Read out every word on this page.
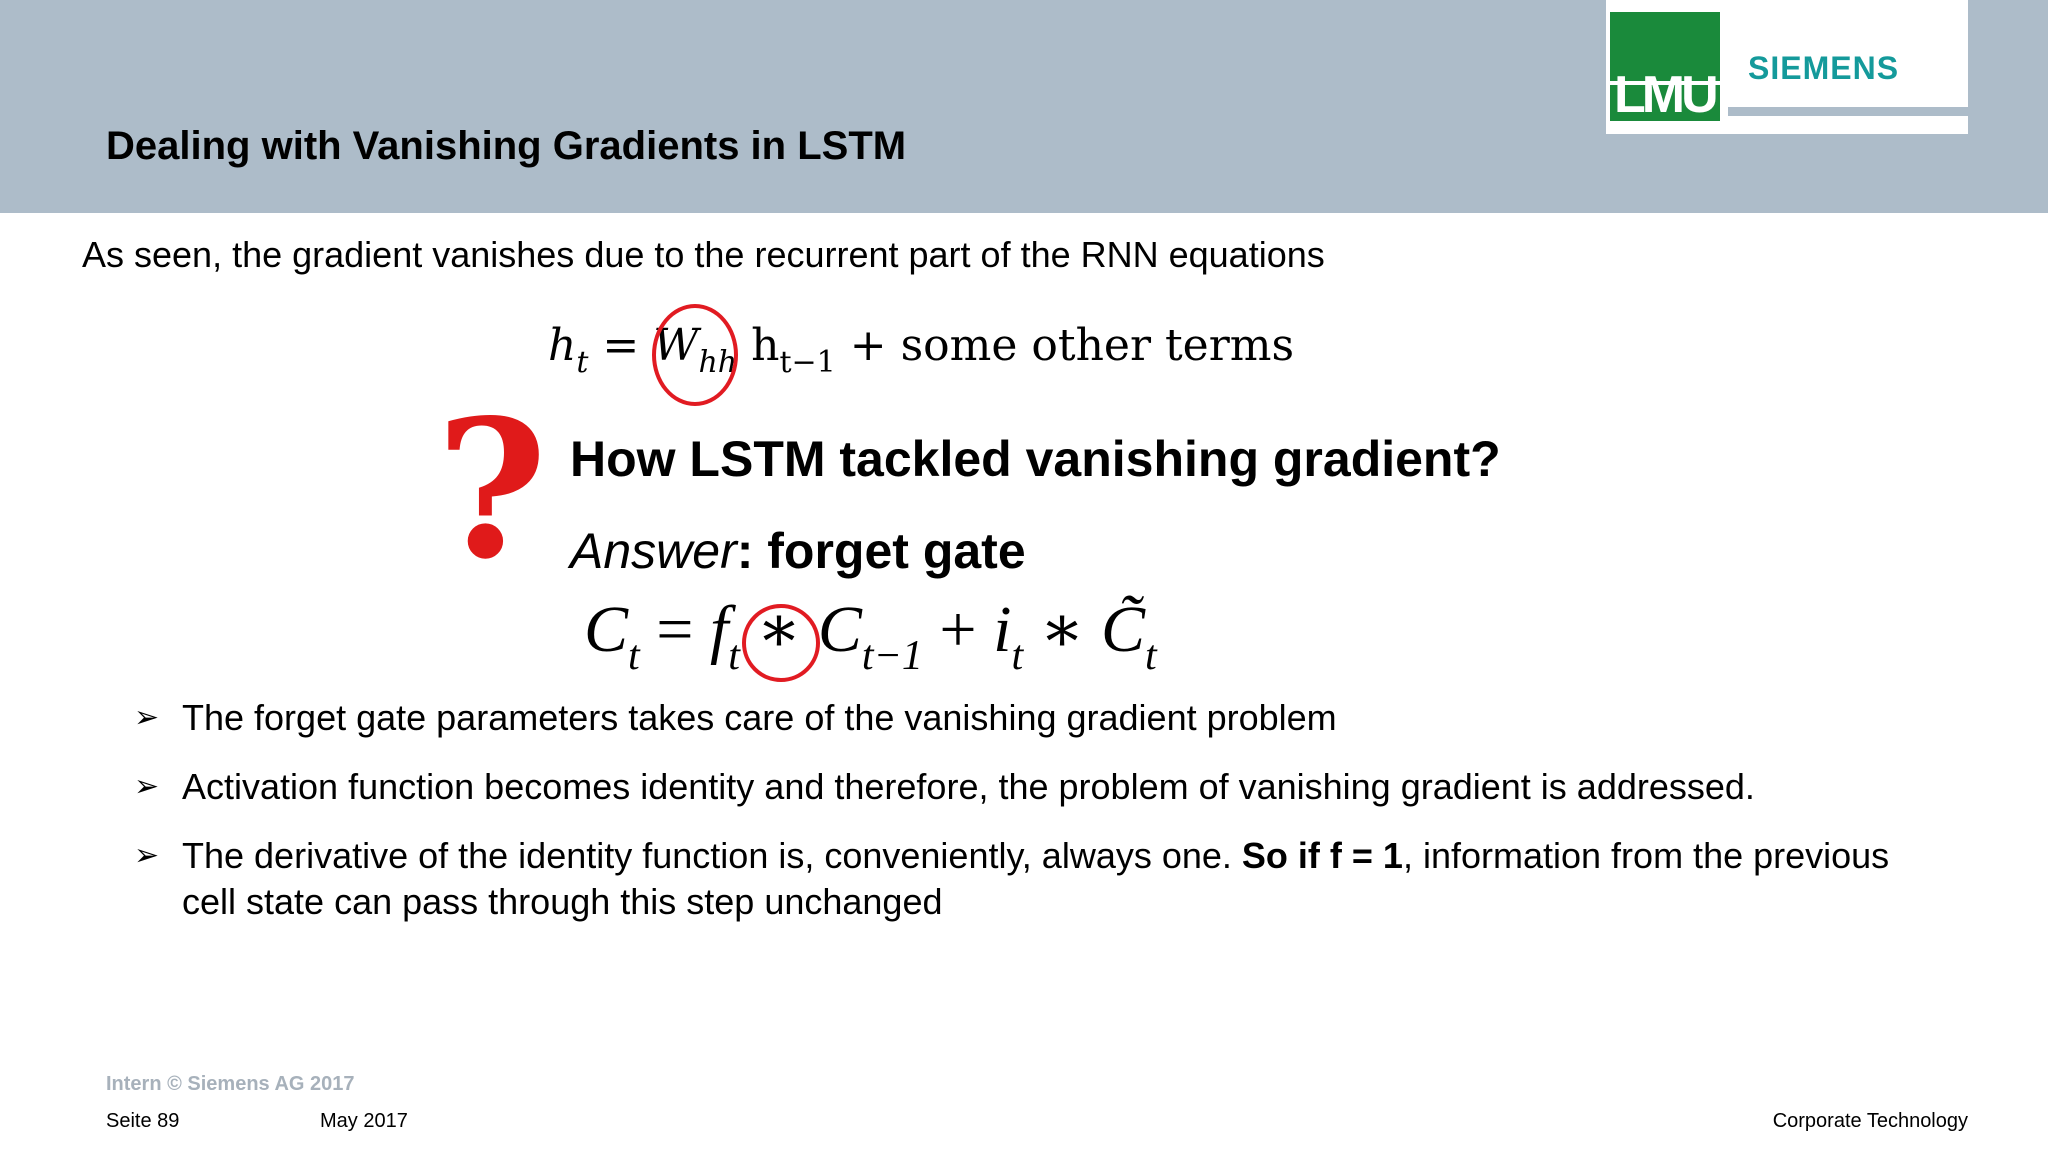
Dealing with Vanishing Gradients in LSTM
LMU SIEMENS
As seen, the gradient vanishes due to the recurrent part of the RNN equations
$h_t = W_{hh}$ $h_{t-1}$ + some other terms
? How LSTM tackled vanishing gradient?
Answer: forget gate
$C_t = f_t$ ∗ $C_{t-1} + i_t$ ∗ $C̃_t$
➢ The forget gate parameters takes care of the vanishing gradient problem
➢ Activation function becomes identity and therefore, the problem of vanishing gradient is addressed.
➢ The derivative of the identity function is, conveniently, always one. So if f = 1, information from the previous cell state can pass through this step unchanged
Intern © Siemens AG 2017
Seite 89	May 2017	Corporate Technology
